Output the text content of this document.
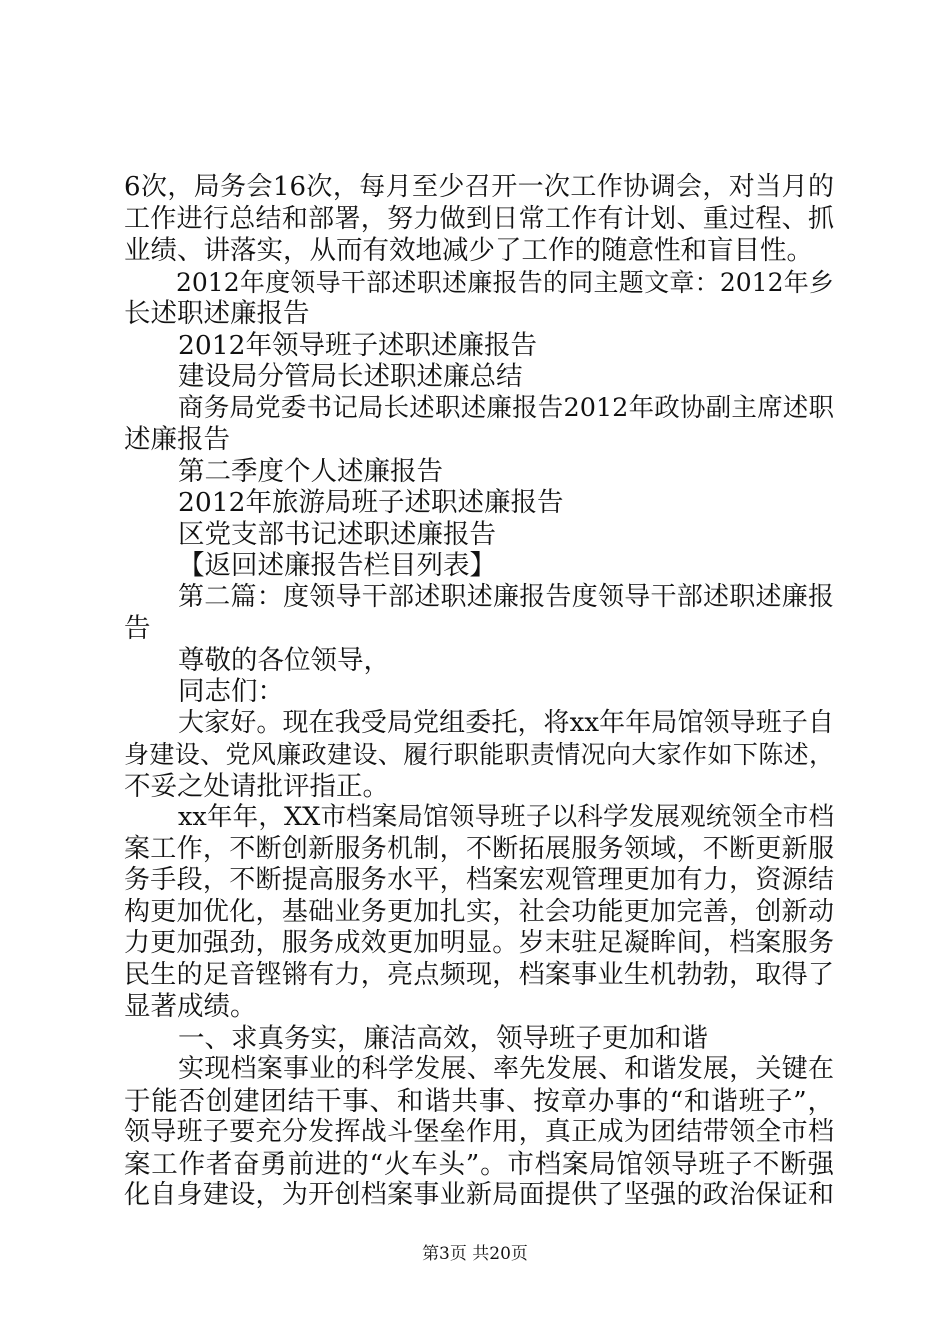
6次，局务会16次，每月至少召开一次工作协调会，对当月的
工作进行总结和部署，努力做到日常工作有计划、重过程、抓
业绩、讲落实，从而有效地减少了工作的随意性和盲目性。
2012年度领导干部述职述廉报告的同主题文章：2012年乡
长述职述廉报告
2012年领导班子述职述廉报告
建设局分管局长述职述廉总结
商务局党委书记局长述职述廉报告2012年政协副主席述职
述廉报告
第二季度个人述廉报告
2012年旅游局班子述职述廉报告
区党支部书记述职述廉报告
【返回述廉报告栏目列表】
第二篇：度领导干部述职述廉报告度领导干部述职述廉报
告
尊敬的各位领导，
同志们：
大家好。现在我受局党组委托，将xx年年局馆领导班子自
身建设、党风廉政建设、履行职能职责情况向大家作如下陈述，
不妥之处请批评指正。
xx年年，XX市档案局馆领导班子以科学发展观统领全市档
案工作，不断创新服务机制，不断拓展服务领域，不断更新服
务手段，不断提高服务水平，档案宏观管理更加有力，资源结
构更加优化，基础业务更加扎实，社会功能更加完善，创新动
力更加强劲，服务成效更加明显。岁末驻足凝眸间，档案服务
民生的足音铿锵有力，亮点频现，档案事业生机勃勃，取得了
显著成绩。
一、求真务实，廉洁高效，领导班子更加和谐
实现档案事业的科学发展、率先发展、和谐发展，关键在
于能否创建团结干事、和谐共事、按章办事的“和谐班子”，
领导班子要充分发挥战斗堡垒作用，真正成为团结带领全市档
案工作者奋勇前进的“火车头”。市档案局馆领导班子不断强
化自身建设，为开创档案事业新局面提供了坚强的政治保证和
第3页 共20页
